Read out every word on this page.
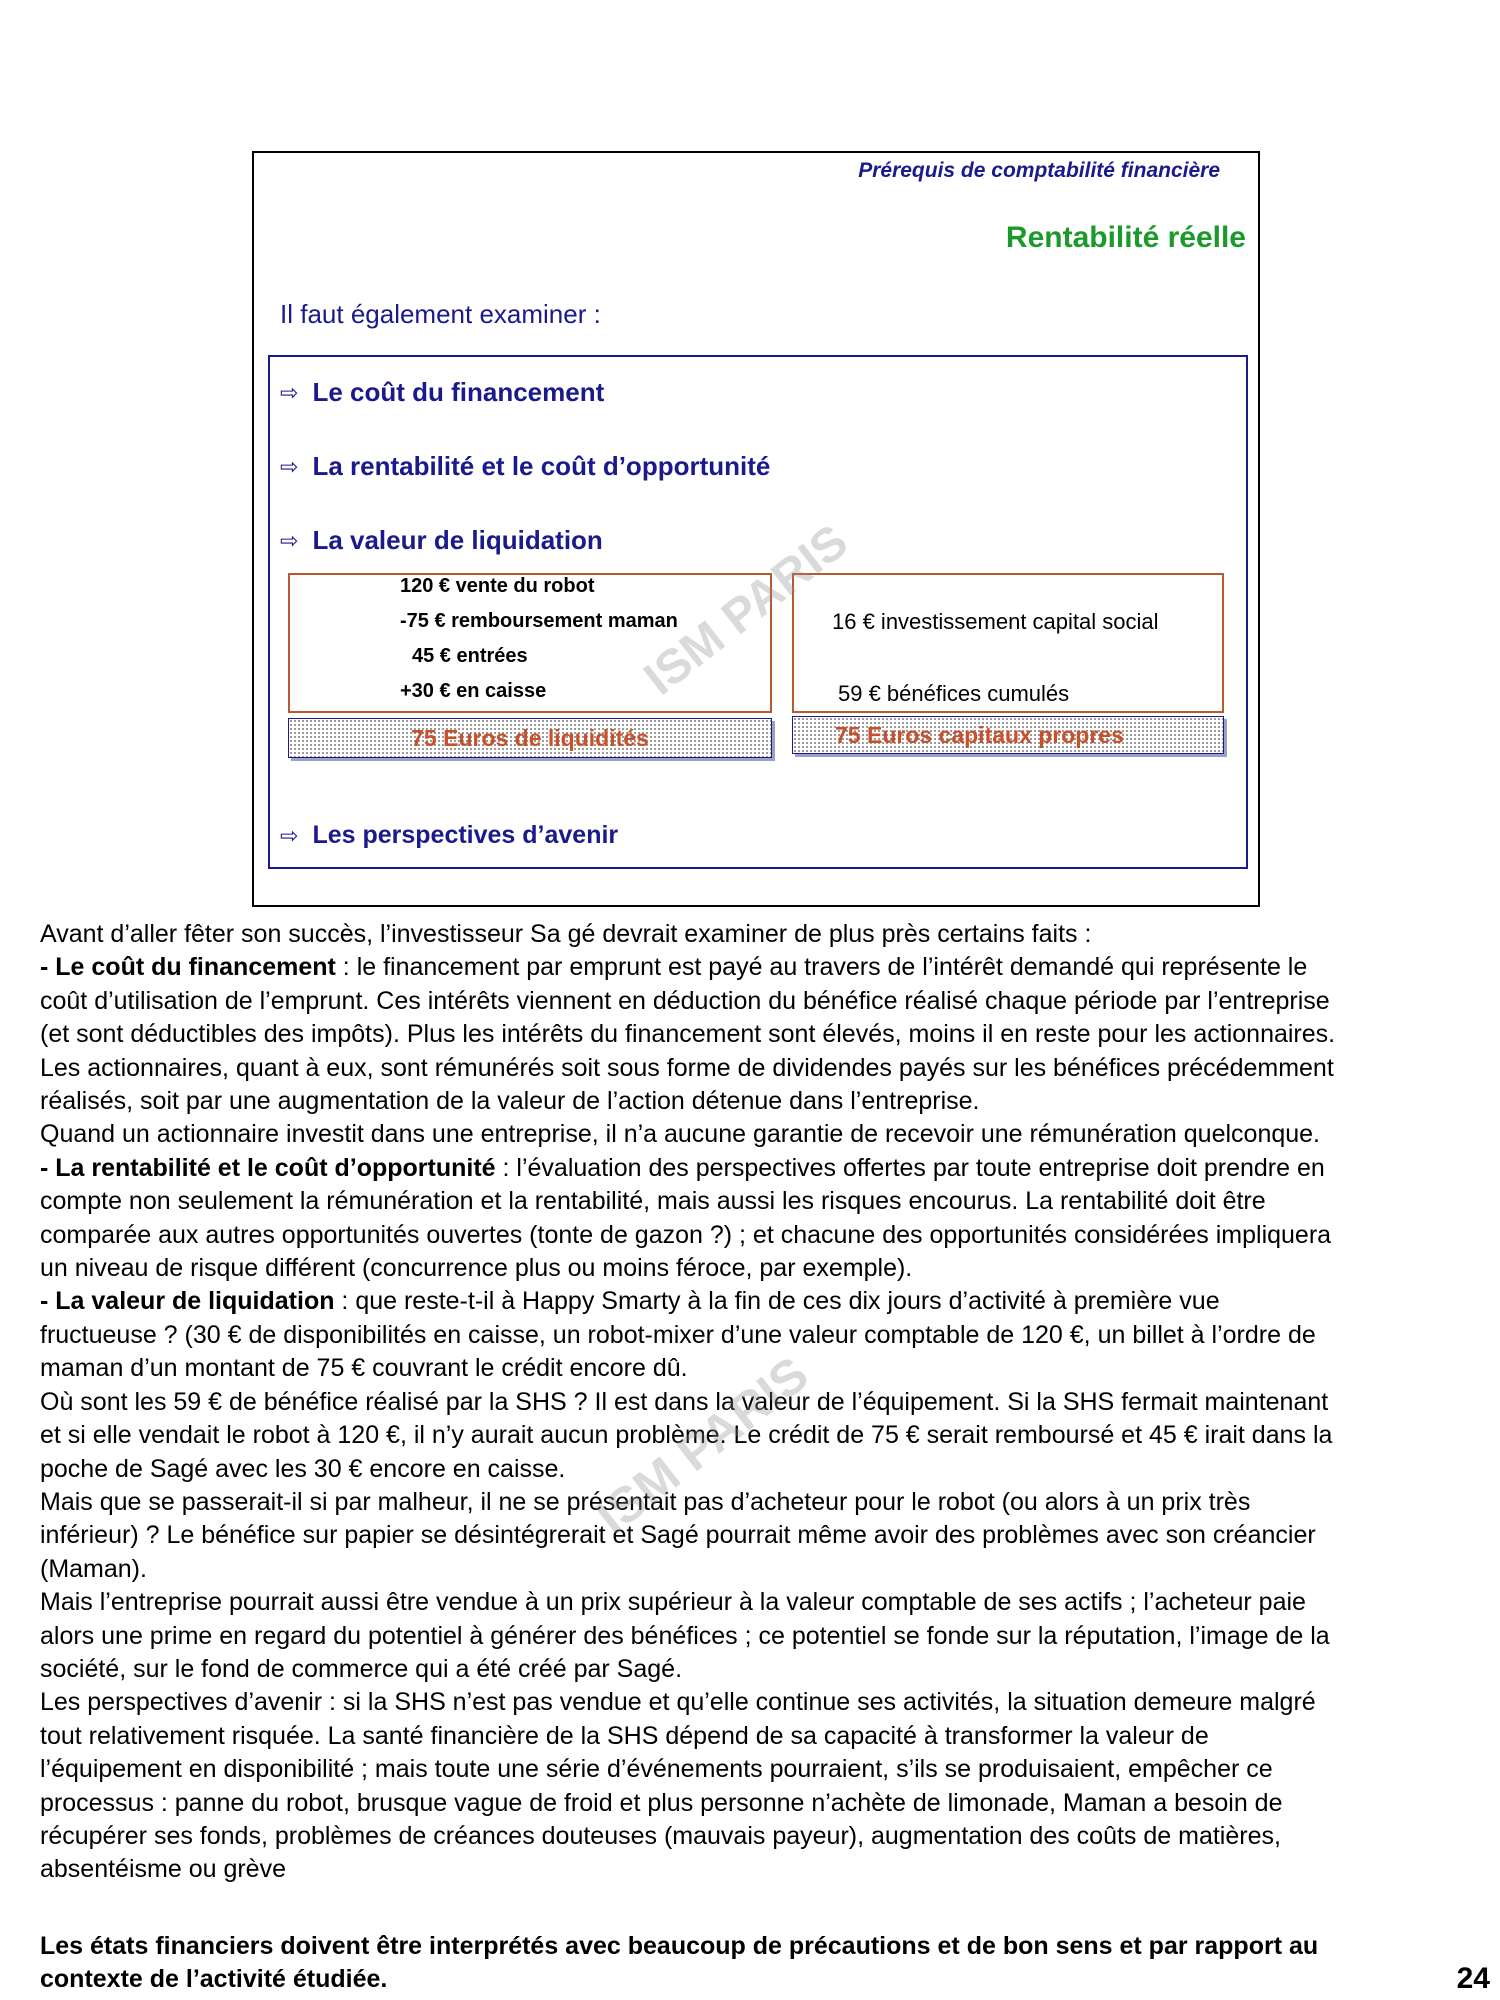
Prérequis de comptabilité financière
Rentabilité réelle
Il faut également examiner :
⇨ Le coût du financement
⇨ La rentabilité et le coût d’opportunité
⇨ La valeur de liquidation
120 € vente du robot
-75 € remboursement maman
45 € entrées
+30 € en caisse
75 Euros de liquidités
16 € investissement capital social
59 € bénéfices cumulés
75 Euros capitaux propres
⇨ Les perspectives d’avenir
ISM PARIS

Avant d’aller fêter son succès, l’investisseur Sa gé devrait examiner de plus près certains faits :

- Le coût du financement : le financement par emprunt est payé au travers de l’intérêt demandé qui représente le

coût d’utilisation de l’emprunt. Ces intérêts viennent en déduction du bénéfice réalisé chaque période par l’entreprise

(et sont déductibles des impôts). Plus les intérêts du financement sont élevés, moins il en reste pour les actionnaires.

Les actionnaires, quant à eux, sont rémunérés soit sous forme de dividendes payés sur les bénéfices précédemment

réalisés, soit par une augmentation de la valeur de l’action détenue dans l’entreprise.

Quand un actionnaire investit dans une entreprise, il n’a aucune garantie de recevoir une rémunération quelconque.

- La rentabilité et le coût d’opportunité : l’évaluation des perspectives offertes par toute entreprise doit prendre en

compte non seulement la rémunération et la rentabilité, mais aussi les risques encourus. La rentabilité doit être

comparée aux autres opportunités ouvertes (tonte de gazon ?) ; et chacune des opportunités considérées impliquera

un niveau de risque différent (concurrence plus ou moins féroce, par exemple).

- La valeur de liquidation : que reste-t-il à Happy Smarty à la fin de ces dix jours d’activité à première vue

fructueuse ? (30 € de disponibilités en caisse, un robot-mixer d’une valeur comptable de 120 €, un billet à l’ordre de

maman d’un montant de 75 € couvrant le crédit encore dû.

Où sont les 59 € de bénéfice réalisé par la SHS ? Il est dans la valeur de l’équipement. Si la SHS fermait maintenant

et si elle vendait le robot à 120 €, il n’y aurait aucun problème. Le crédit de 75 € serait remboursé et 45 € irait dans la

poche de Sagé avec les 30 € encore en caisse.

Mais que se passerait-il si par malheur, il ne se présentait pas d’acheteur pour le robot (ou alors à un prix très

inférieur) ? Le bénéfice sur papier se désintégrerait et Sagé pourrait même avoir des problèmes avec son créancier

(Maman).

Mais l’entreprise pourrait aussi être vendue à un prix supérieur à la valeur comptable de ses actifs ; l’acheteur paie

alors une prime en regard du potentiel à générer des bénéfices ; ce potentiel se fonde sur la réputation, l’image de la

société, sur le fond de commerce qui a été créé par Sagé.

Les perspectives d’avenir : si la SHS n’est pas vendue et qu’elle continue ses activités, la situation demeure malgré

tout relativement risquée. La santé financière de la SHS dépend de sa capacité à transformer la valeur de

l’équipement en disponibilité ; mais toute une série d’événements pourraient, s’ils se produisaient, empêcher ce

processus : panne du robot, brusque vague de froid et plus personne n’achète de limonade, Maman a besoin de

récupérer ses fonds, problèmes de créances douteuses (mauvais payeur), augmentation des coûts de matières,

absentéisme ou grève

ISM PARIS

Les états financiers doivent être interprétés avec beaucoup de précautions et de bon sens et par rapport au

contexte de l’activité étudiée.	24
